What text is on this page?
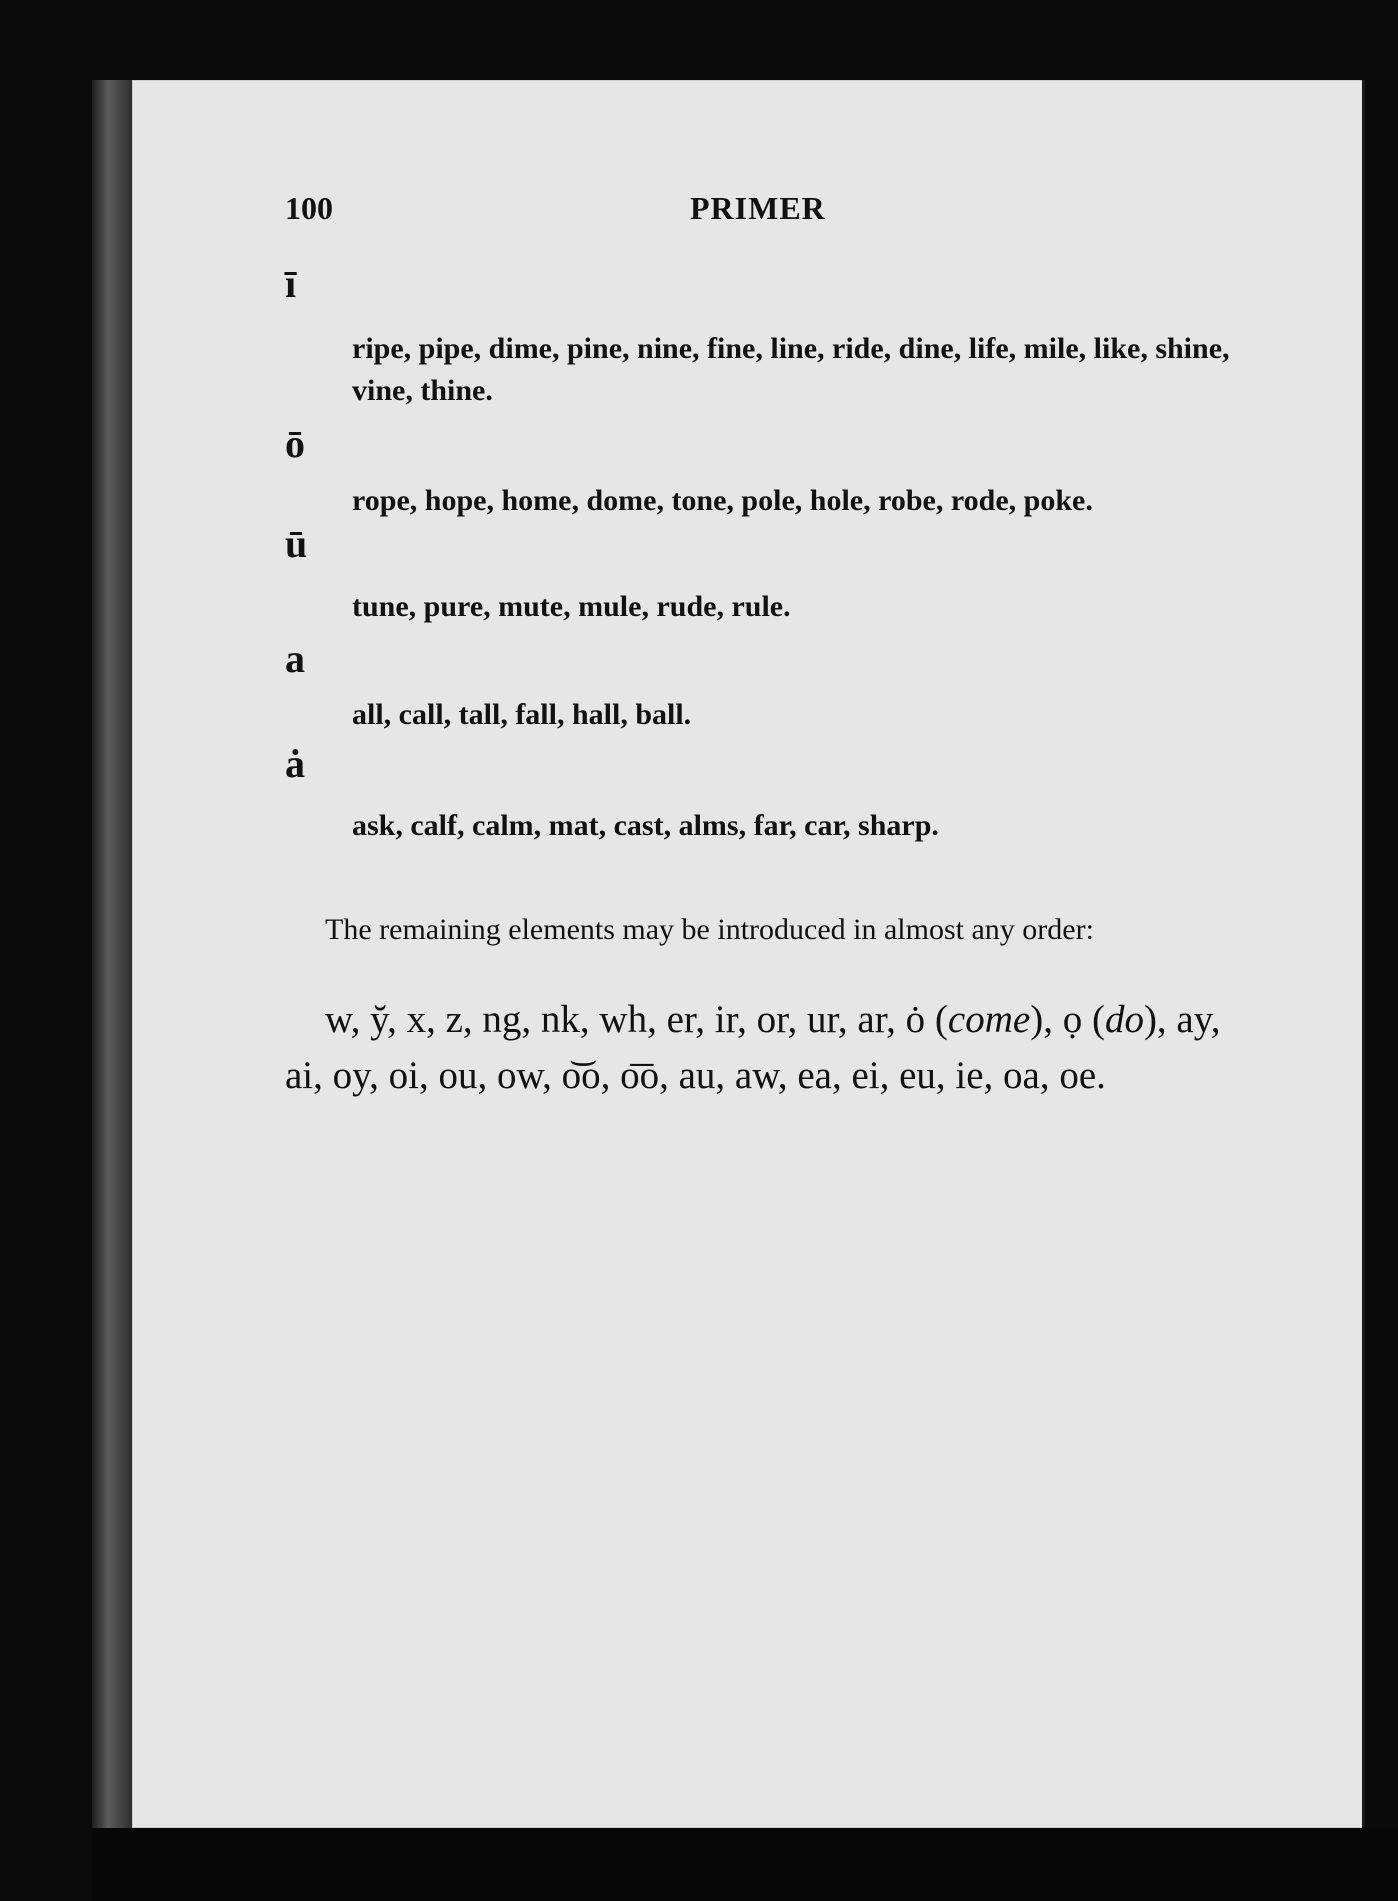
100	PRIMER
ī
ripe, pipe, dime, pine, nine, fine, line, ride, dine, life, mile, like, shine, vine, thine.
ō
rope, hope, home, dome, tone, pole, hole, robe, rode, poke.
ū
tune, pure, mute, mule, rude, rule.
a
all, call, tall, fall, hall, ball.
ȧ
ask, calf, calm, mat, cast, alms, far, car, sharp.
The remaining elements may be introduced in almost any order:
w, y̆, x, z, ng, nk, wh, er, ir, or, ur, ar, ȯ (come), ọ (do), ay, ai, oy, oi, ou, ow, o͝o, o͞o, au, aw, ea, ei, eu, ie, oa, oe.
